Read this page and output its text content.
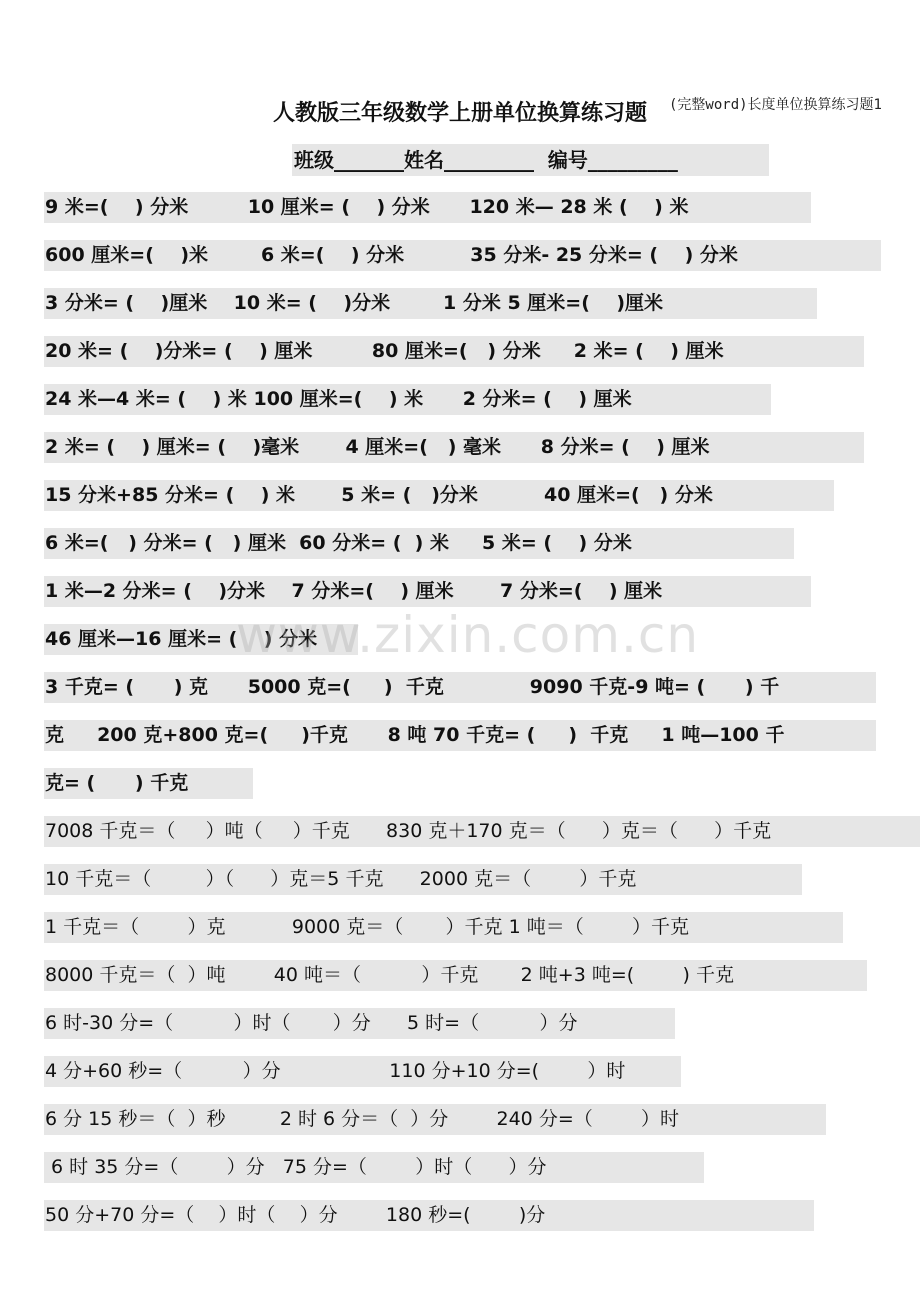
(完整word)长度单位换算练习题1
人教版三年级数学上册单位换算练习题
班级_______姓名_________  编号_________
9 米=(    ) 分米         10 厘米= (    ) 分米      120 米— 28 米 (    ) 米
600 厘米=(    )米        6 米=(    ) 分米          35 分米- 25 分米= (    ) 分米
3 分米= (    )厘米    10 米= (    )分米        1 分米 5 厘米=(    )厘米
20 米= (    )分米= (    ) 厘米         80 厘米=(   ) 分米     2 米= (    ) 厘米
24 米—4 米= (    ) 米 100 厘米=(    ) 米      2 分米= (    ) 厘米
2 米= (    ) 厘米= (    )毫米       4 厘米=(   ) 毫米      8 分米= (    ) 厘米
15 分米+85 分米= (    ) 米       5 米= (   )分米          40 厘米=(   ) 分米
6 米=(   ) 分米= (   ) 厘米  60 分米= (  ) 米     5 米= (    ) 分米
1 米—2 分米= (    )分米    7 分米=(    ) 厘米       7 分米=(    ) 厘米
46 厘米—16 厘米= (    ) 分米
3 千克= (      ) 克      5000 克=(     )  千克             9090 千克-9 吨= (      ) 千
克     200 克+800 克=(     )千克      8 吨 70 千克= (     )  千克     1 吨—100 千
克= (      ) 千克
7008 千克＝（     ）吨（     ）千克      830 克＋170 克＝（      ）克＝（      ）千克
10 千克＝（         ）（      ）克＝5 千克      2000 克＝（        ）千克
1 千克＝（        ）克           9000 克＝（       ）千克 1 吨＝（        ）千克
8000 千克＝（  ）吨        40 吨＝（          ）千克       2 吨+3 吨=(        ) 千克
6 时-30 分=（          ）时（       ）分      5 时=（          ）分
4 分+60 秒=（          ）分                  110 分+10 分=(        ）时
6 分 15 秒＝（  ）秒         2 时 6 分＝（  ）分        240 分=（        ）时
6 时 35 分=（        ）分   75 分=（        ）时（      ）分
50 分+70 分=（    ）时（    ）分        180 秒=(        )分
www.zixin.com.cn
